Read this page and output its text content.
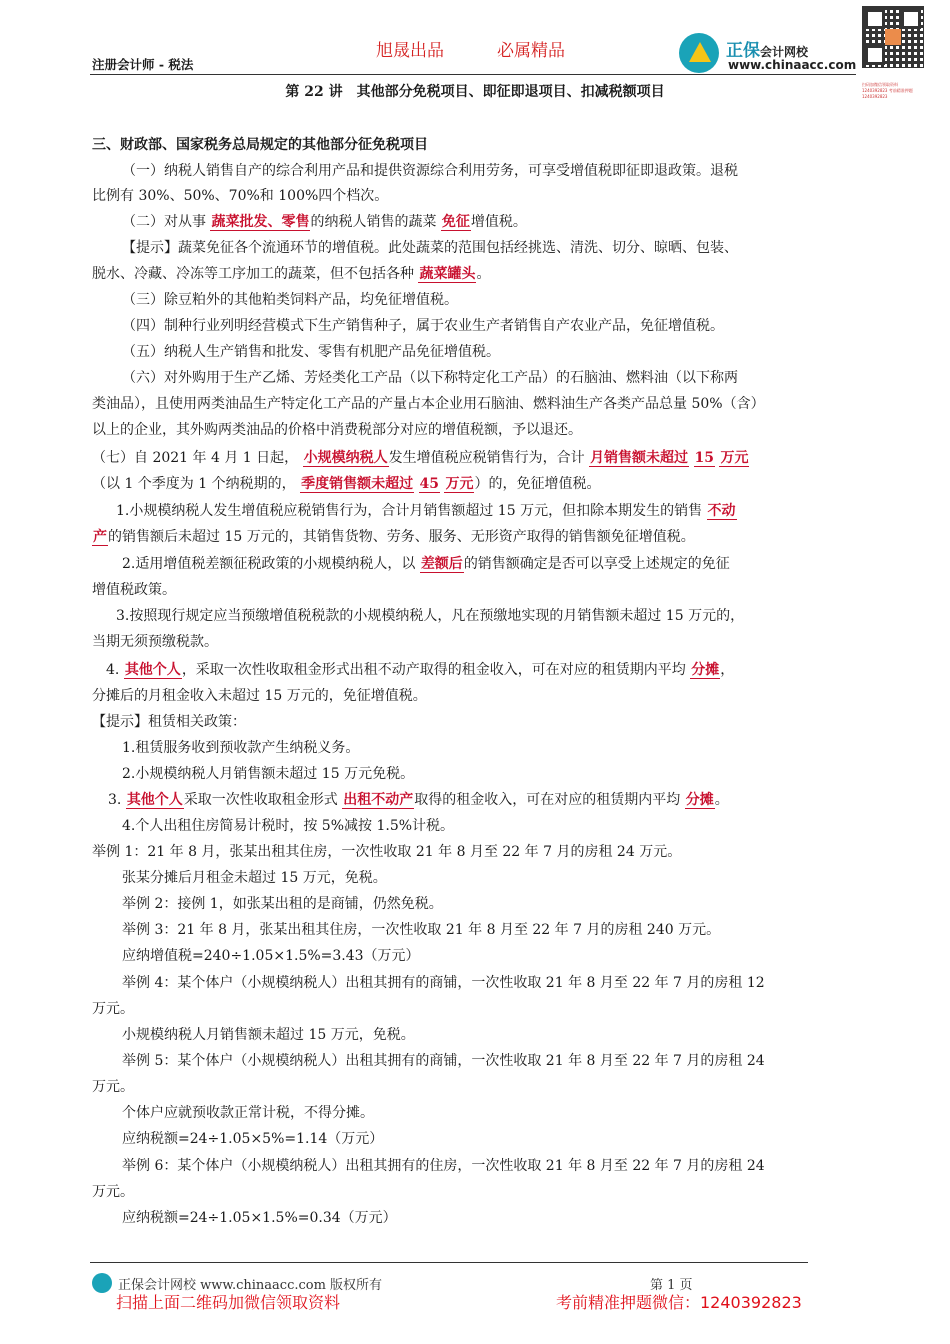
旭晟出品	必属精品
注册会计师 - 税法
正保会计网校
www.chinaacc.com
扫码加微信领取资料 1240392823 考前精准押题 1240392823
第 22 讲　其他部分免税项目、即征即退项目、扣减税额项目
三、财政部、国家税务总局规定的其他部分征免税项目
（一）纳税人销售自产的综合利用产品和提供资源综合利用劳务，可享受增值税即征即退政策。退税
比例有 30%、50%、70%和 100%四个档次。
（二）对从事 蔬菜批发、零售的纳税人销售的蔬菜 免征增值税。
【提示】蔬菜免征各个流通环节的增值税。此处蔬菜的范围包括经挑选、清洗、切分、晾晒、包装、
脱水、冷藏、冷冻等工序加工的蔬菜，但不包括各种 蔬菜罐头。
（三）除豆粕外的其他粕类饲料产品，均免征增值税。
（四）制种行业列明经营模式下生产销售种子，属于农业生产者销售自产农业产品，免征增值税。
（五）纳税人生产销售和批发、零售有机肥产品免征增值税。
（六）对外购用于生产乙烯、芳烃类化工产品（以下称特定化工产品）的石脑油、燃料油（以下称两
类油品），且使用两类油品生产特定化工产品的产量占本企业用石脑油、燃料油生产各类产品总量 50%（含）
以上的企业，其外购两类油品的价格中消费税部分对应的增值税额，予以退还。
（七）自 2021 年 4 月 1 日起， 小规模纳税人发生增值税应税销售行为，合计 月销售额未超过 15 万元
（以 1 个季度为 1 个纳税期的， 季度销售额未超过 45 万元）的，免征增值税。
1.小规模纳税人发生增值税应税销售行为，合计月销售额超过 15 万元，但扣除本期发生的销售 不动
产的销售额后未超过 15 万元的，其销售货物、劳务、服务、无形资产取得的销售额免征增值税。
2.适用增值税差额征税政策的小规模纳税人，以 差额后的销售额确定是否可以享受上述规定的免征
增值税政策。
3.按照现行规定应当预缴增值税税款的小规模纳税人，凡在预缴地实现的月销售额未超过 15 万元的，
当期无须预缴税款。
4. 其他个人，采取一次性收取租金形式出租不动产取得的租金收入，可在对应的租赁期内平均 分摊，
分摊后的月租金收入未超过 15 万元的，免征增值税。
【提示】租赁相关政策：
1.租赁服务收到预收款产生纳税义务。
2.小规模纳税人月销售额未超过 15 万元免税。
3. 其他个人采取一次性收取租金形式 出租不动产取得的租金收入，可在对应的租赁期内平均 分摊。
4.个人出租住房简易计税时，按 5%减按 1.5%计税。
举例 1：21 年 8 月，张某出租其住房，一次性收取 21 年 8 月至 22 年 7 月的房租 24 万元。
张某分摊后月租金未超过 15 万元，免税。
举例 2：接例 1，如张某出租的是商铺，仍然免税。
举例 3：21 年 8 月，张某出租其住房，一次性收取 21 年 8 月至 22 年 7 月的房租 240 万元。
应纳增值税=240÷1.05×1.5%=3.43（万元）
举例 4：某个体户（小规模纳税人）出租其拥有的商铺，一次性收取 21 年 8 月至 22 年 7 月的房租 12
万元。
小规模纳税人月销售额未超过 15 万元，免税。
举例 5：某个体户（小规模纳税人）出租其拥有的商铺，一次性收取 21 年 8 月至 22 年 7 月的房租 24
万元。
个体户应就预收款正常计税，不得分摊。
应纳税额=24÷1.05×5%=1.14（万元）
举例 6：某个体户（小规模纳税人）出租其拥有的住房，一次性收取 21 年 8 月至 22 年 7 月的房租 24
万元。
应纳税额=24÷1.05×1.5%=0.34（万元）
正保会计网校 www.chinaacc.com 版权所有	第 1 页
扫描上面二维码加微信领取资料	考前精准押题微信：1240392823
